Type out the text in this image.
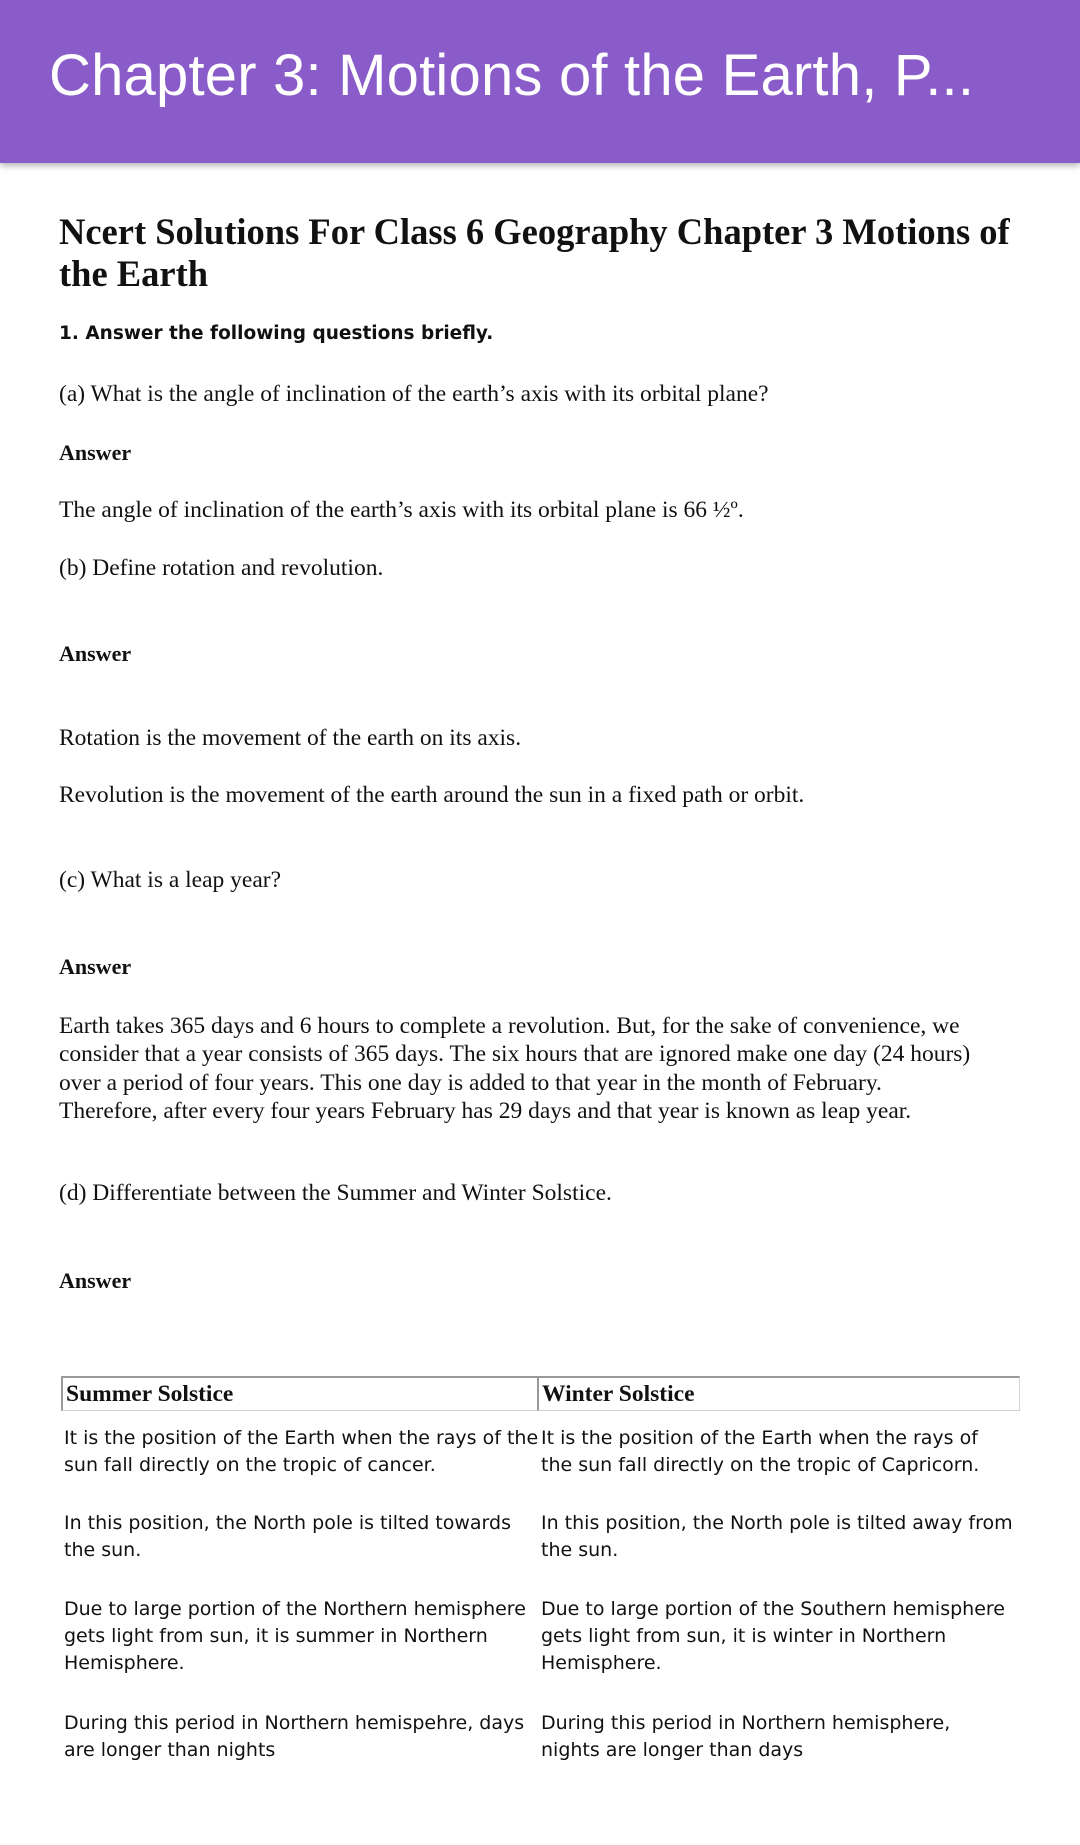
Chapter 3: Motions of the Earth, P...
Ncert Solutions For Class 6 Geography Chapter 3 Motions of the Earth
1. Answer the following questions briefly.
(a) What is the angle of inclination of the earth’s axis with its orbital plane?
Answer
The angle of inclination of the earth’s axis with its orbital plane is 66 ½º.
(b) Define rotation and revolution.
Answer
Rotation is the movement of the earth on its axis.
Revolution is the movement of the earth around the sun in a fixed path or orbit.
(c) What is a leap year?
Answer
Earth takes 365 days and 6 hours to complete a revolution. But, for the sake of convenience, we
consider that a year consists of 365 days. The six hours that are ignored make one day (24 hours)
over a period of four years. This one day is added to that year in the month of February.
Therefore, after every four years February has 29 days and that year is known as leap year.
(d) Differentiate between the Summer and Winter Solstice.
Answer
Summer Solstice	Winter Solstice
It is the position of the Earth when the rays of the
sun fall directly on the tropic of cancer.
It is the position of the Earth when the rays of
the sun fall directly on the tropic of Capricorn.
In this position, the North pole is tilted towards
the sun.
In this position, the North pole is tilted away from
the sun.
Due to large portion of the Northern hemisphere
gets light from sun, it is summer in Northern
Hemisphere.
Due to large portion of the Southern hemisphere
gets light from sun, it is winter in Northern
Hemisphere.
During this period in Northern hemispehre, days
are longer than nights
During this period in Northern hemisphere,
nights are longer than days
